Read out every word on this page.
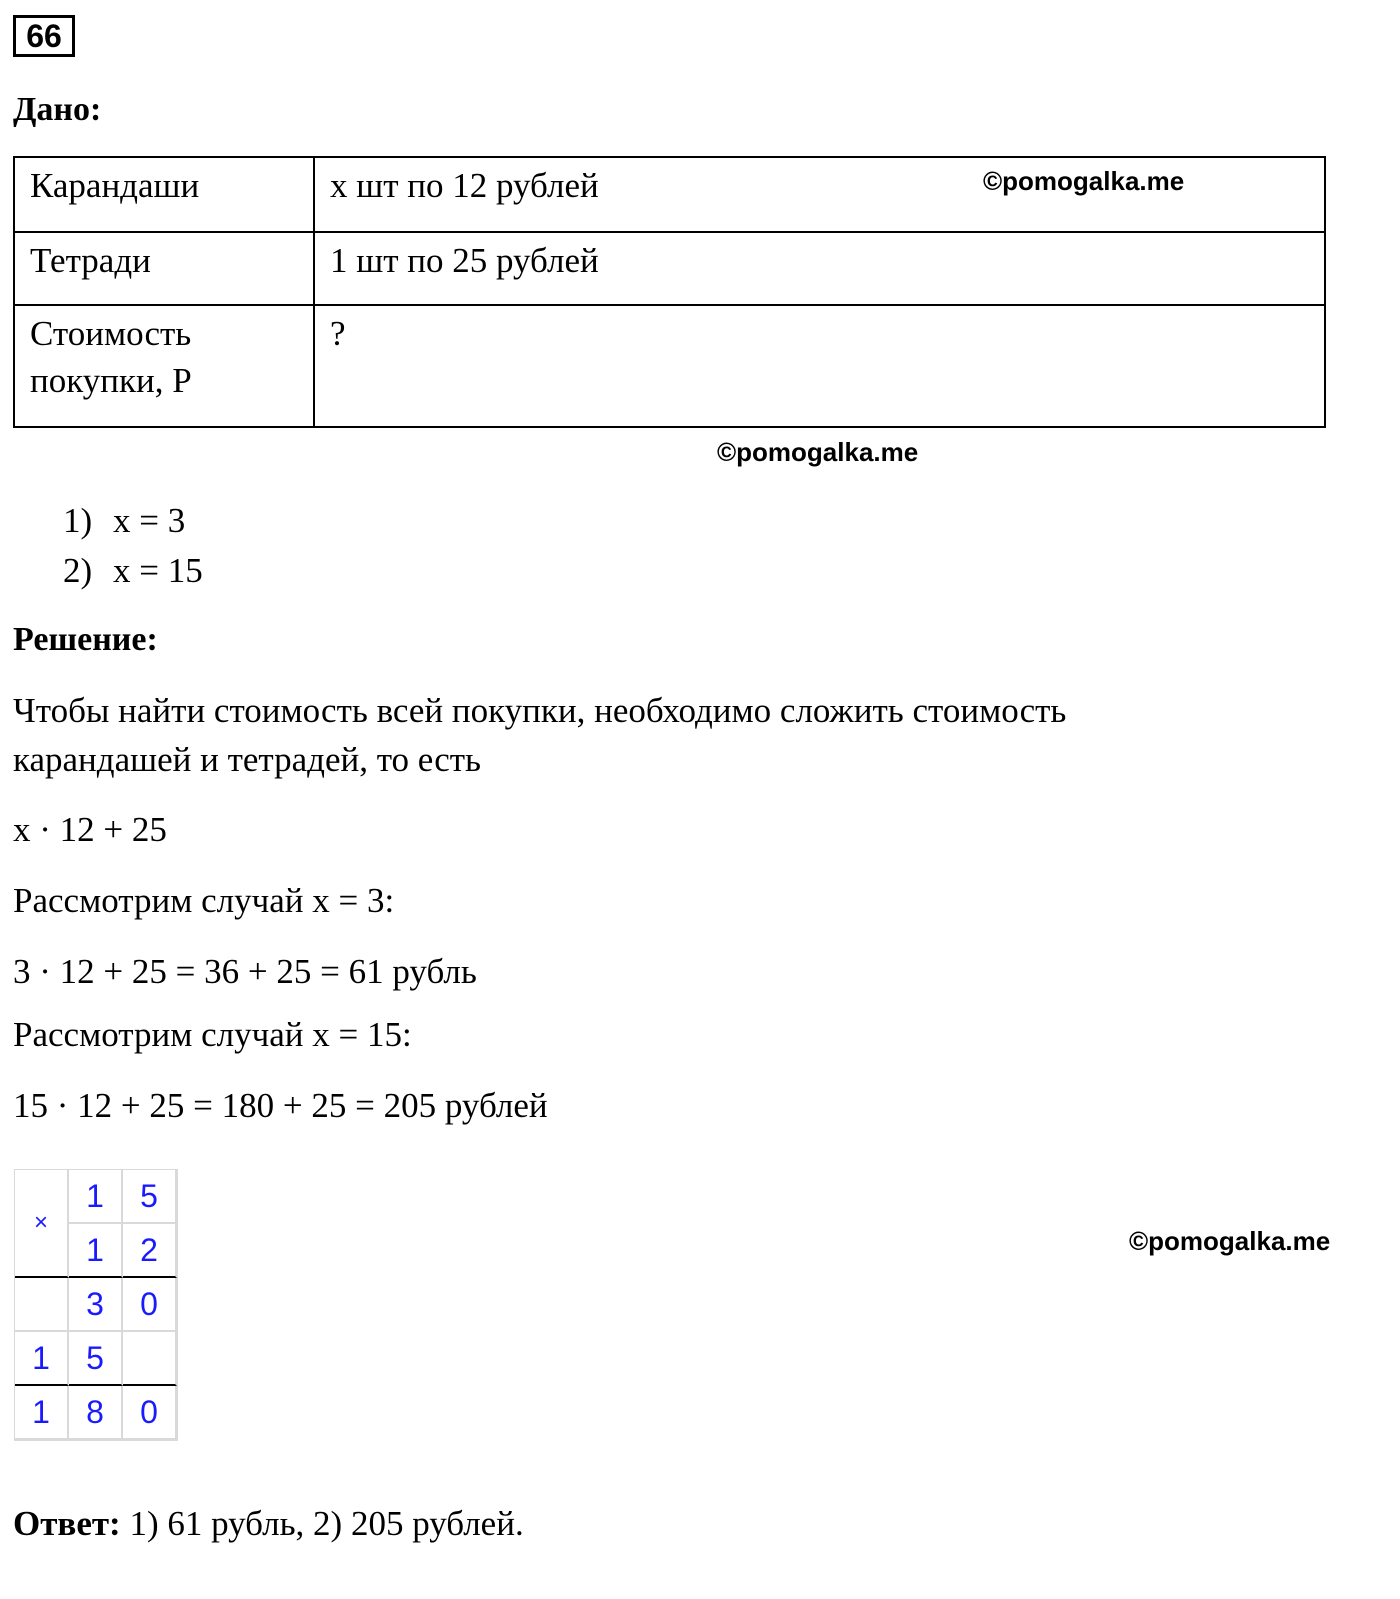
66
Дано:
Карандаши	x шт по 12 рублей
Тетради	1 шт по 25 рублей

Стоимость
покупки, P	?
©pomogalka.me
©pomogalka.me
1) x = 3
2) x = 15
Решение:
Чтобы найти стоимость всей покупки, необходимо сложить стоимость
карандашей и тетрадей, то есть
x · 12 + 25
Рассмотрим случай x = 3:
3 · 12 + 25 = 36 + 25 = 61 рубль
Рассмотрим случай x = 15:
15 · 12 + 25 = 180 + 25 = 205 рублей
×	1	5
	1	2
	3	0
1	5	
1	8	0
©pomogalka.me
Ответ: 1) 61 рубль, 2) 205 рублей.
